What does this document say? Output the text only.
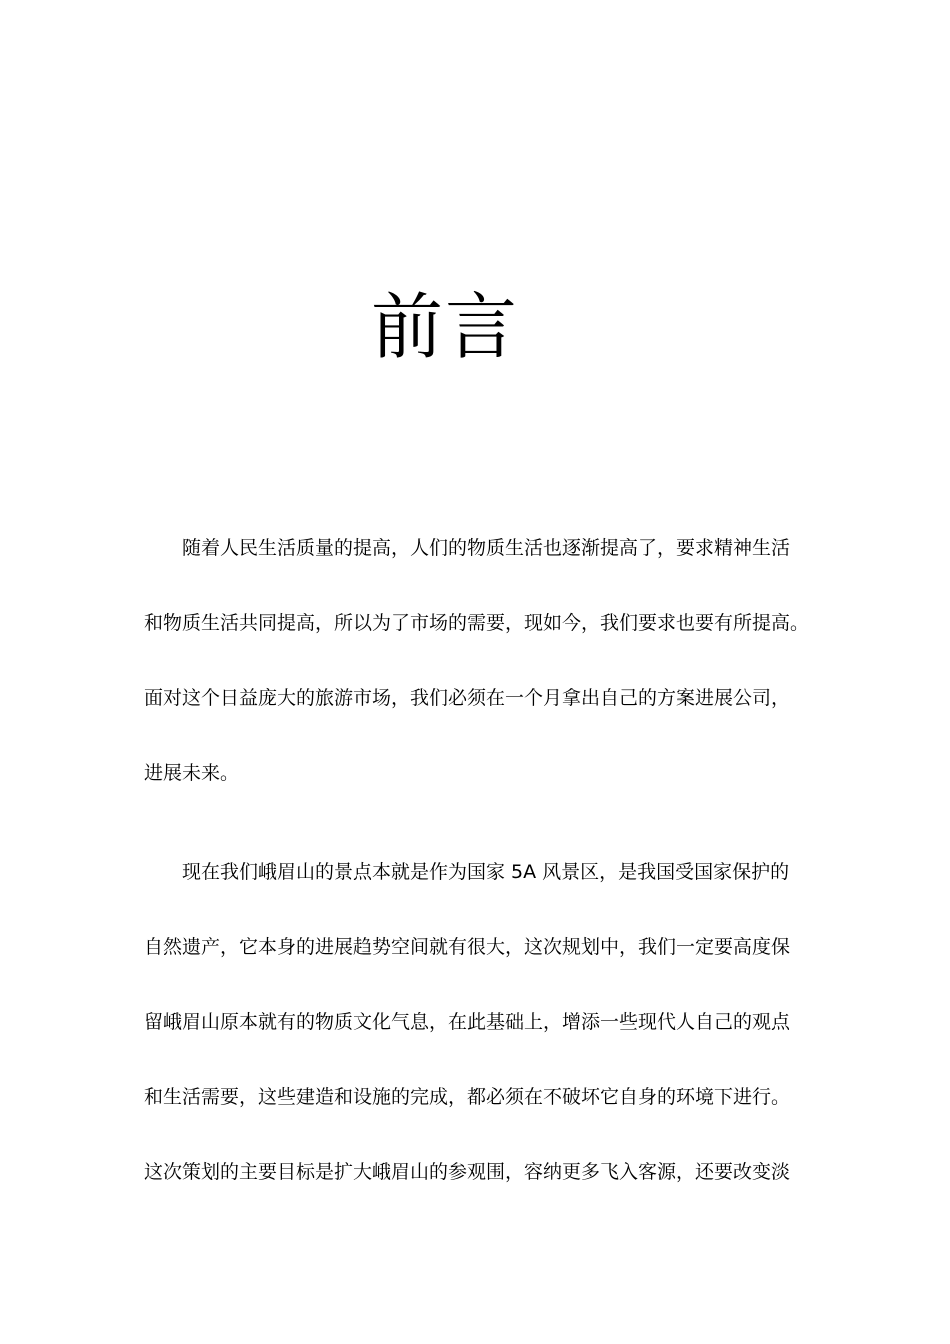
前言
随着人民生活质量的提高，人们的物质生活也逐渐提高了，要求精神生活
和物质生活共同提高，所以为了市场的需要，现如今，我们要求也要有所提高。
面对这个日益庞大的旅游市场，我们必须在一个月拿出自己的方案进展公司，
进展未来。
现在我们峨眉山的景点本就是作为国家 5A 风景区，是我国受国家保护的
自然遗产，它本身的进展趋势空间就有很大，这次规划中，我们一定要高度保
留峨眉山原本就有的物质文化气息，在此基础上，增添一些现代人自己的观点
和生活需要，这些建造和设施的完成，都必须在不破坏它自身的环境下进行。
这次策划的主要目标是扩大峨眉山的参观围，容纳更多飞入客源，还要改变淡
